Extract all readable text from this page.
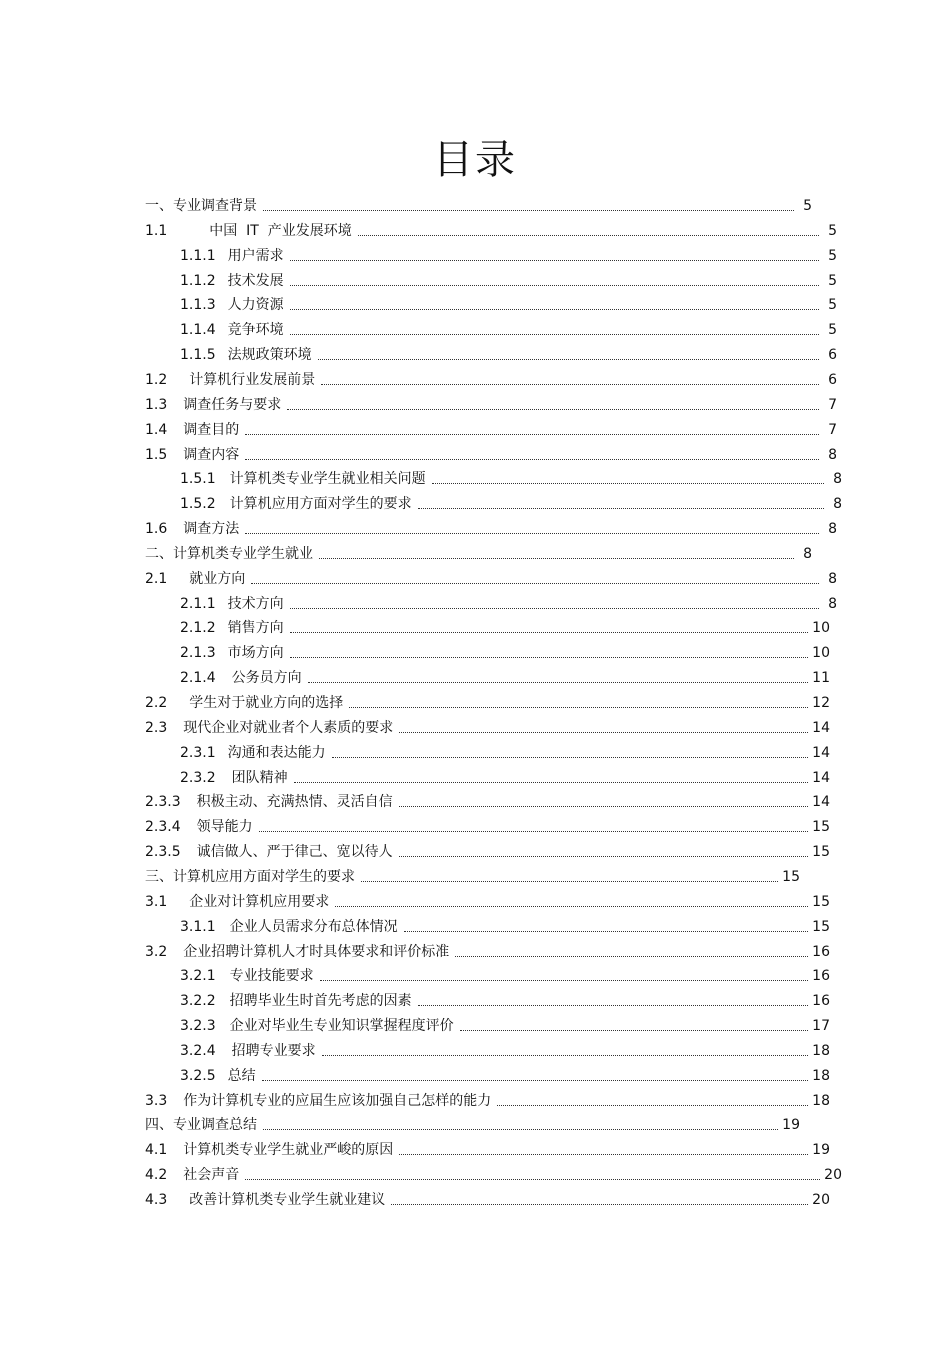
目录
一、专业调查背景	5
1.1	中国  IT  产业发展环境	5
1.1.1 用户需求	5
1.1.2 技术发展	5
1.1.3 人力资源	5
1.1.4 竞争环境	5
1.1.5 法规政策环境	6
1.2 计算机行业发展前景	6
1.3 调查任务与要求	7
1.4 调查目的	7
1.5 调查内容	8
1.5.1 计算机类专业学生就业相关问题	8
1.5.2 计算机应用方面对学生的要求	8
1.6 调查方法	8
二、计算机类专业学生就业	8
2.1 就业方向	8
2.1.1 技术方向	8
2.1.2 销售方向	10
2.1.3 市场方向	10
2.1.4 公务员方向	11
2.2 学生对于就业方向的选择	12
2.3 现代企业对就业者个人素质的要求	14
2.3.1 沟通和表达能力	14
2.3.2 团队精神	14
2.3.3 积极主动、充满热情、灵活自信	14
2.3.4 领导能力	15
2.3.5 诚信做人、严于律己、宽以待人	15
三、计算机应用方面对学生的要求	15
3.1 企业对计算机应用要求	15
3.1.1 企业人员需求分布总体情况	15
3.2 企业招聘计算机人才时具体要求和评价标准	16
3.2.1 专业技能要求	16
3.2.2 招聘毕业生时首先考虑的因素	16
3.2.3 企业对毕业生专业知识掌握程度评价	17
3.2.4 招聘专业要求	18
3.2.5 总结	18
3.3 作为计算机专业的应届生应该加强自己怎样的能力	18
四、专业调查总结	19
4.1 计算机类专业学生就业严峻的原因	19
4.2 社会声音	20
4.3 改善计算机类专业学生就业建议	20
